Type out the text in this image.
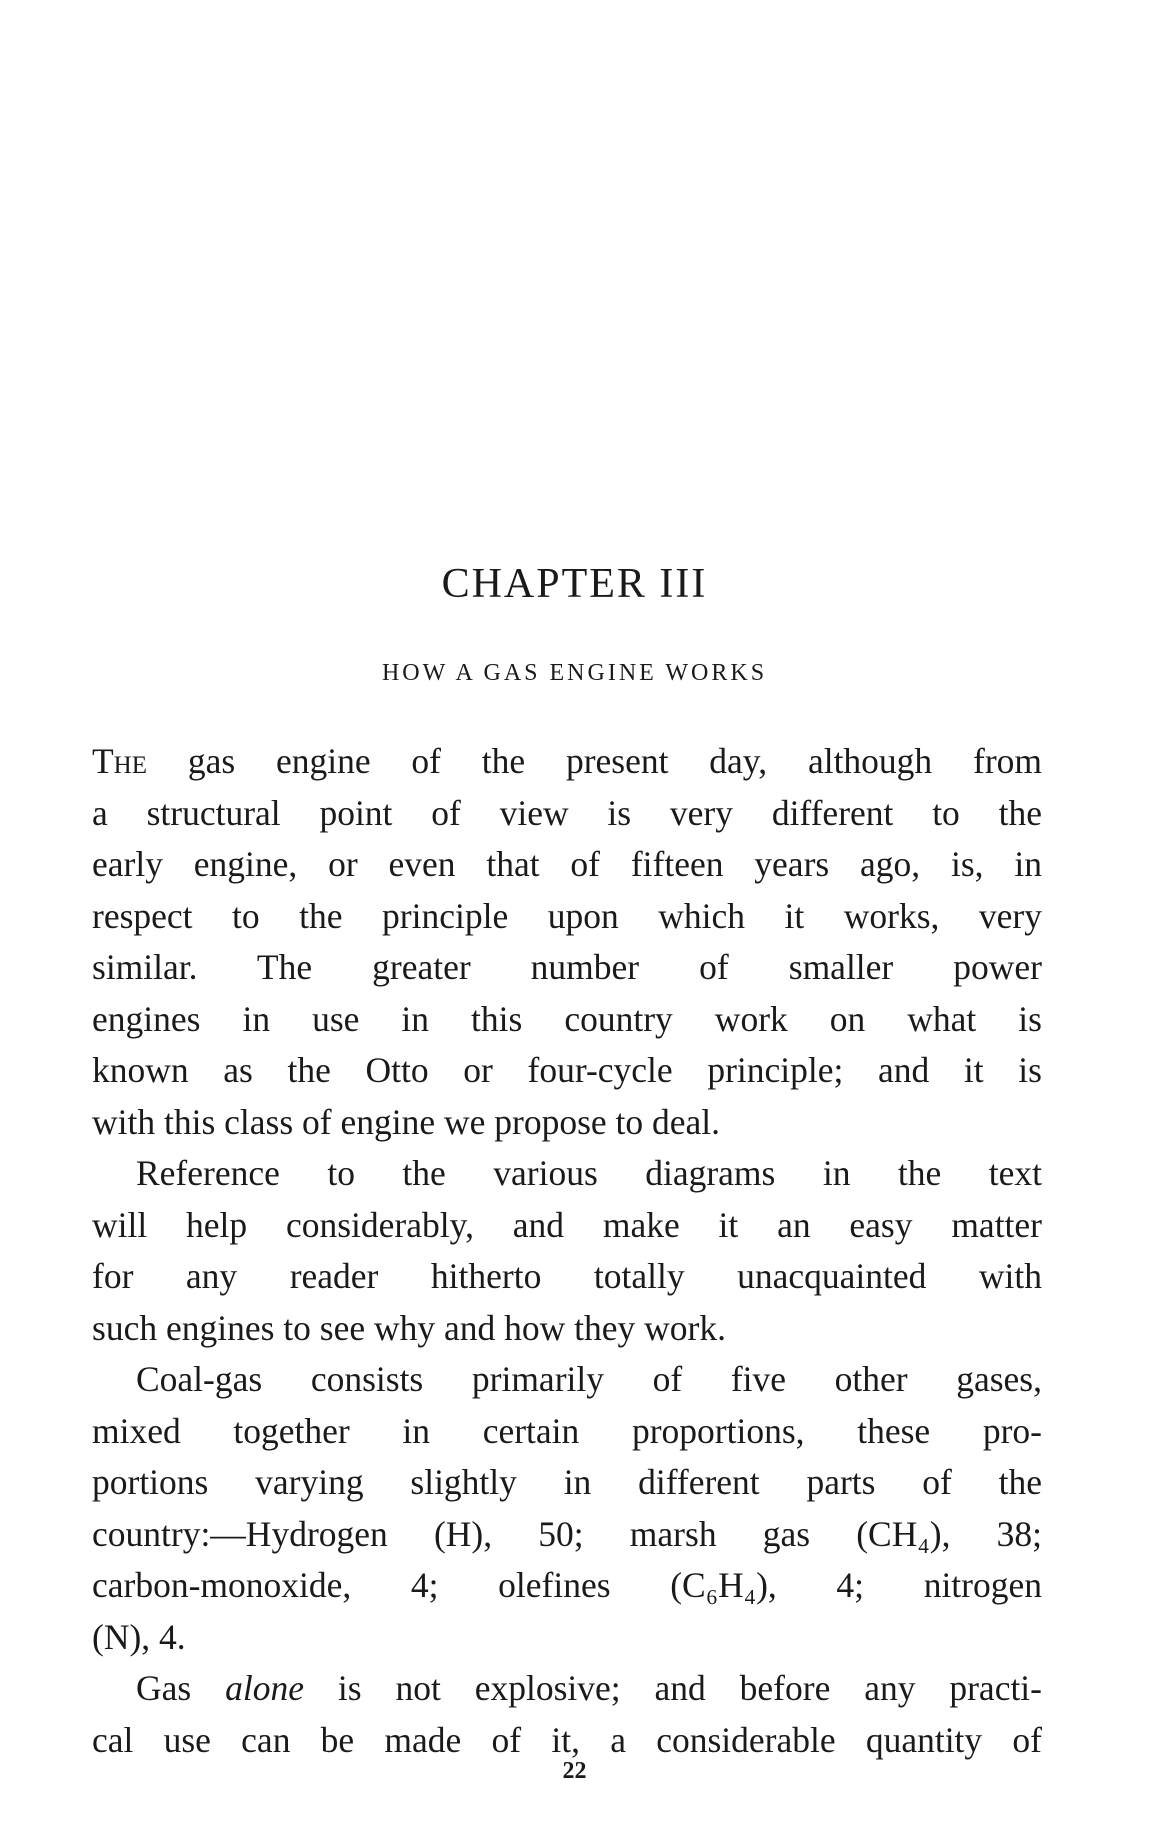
CHAPTER III
HOW A GAS ENGINE WORKS

The gas engine of the present day, although from
a structural point of view is very different to the
early engine, or even that of fifteen years ago, is, in
respect to the principle upon which it works, very
similar. The greater number of smaller power
engines in use in this country work on what is
known as the Otto or four-cycle principle; and it is
with this class of engine we propose to deal.

Reference to the various diagrams in the text
will help considerably, and make it an easy matter
for any reader hitherto totally unacquainted with
such engines to see why and how they work.

Coal-gas consists primarily of five other gases,
mixed together in certain proportions, these pro-
portions varying slightly in different parts of the
country:—Hydrogen (H), 50; marsh gas (CH₄), 38;
carbon-monoxide, 4; olefines (C₆H₄), 4; nitrogen
(N), 4.

Gas alone is not explosive; and before any practi-
cal use can be made of it, a considerable quantity of

22
